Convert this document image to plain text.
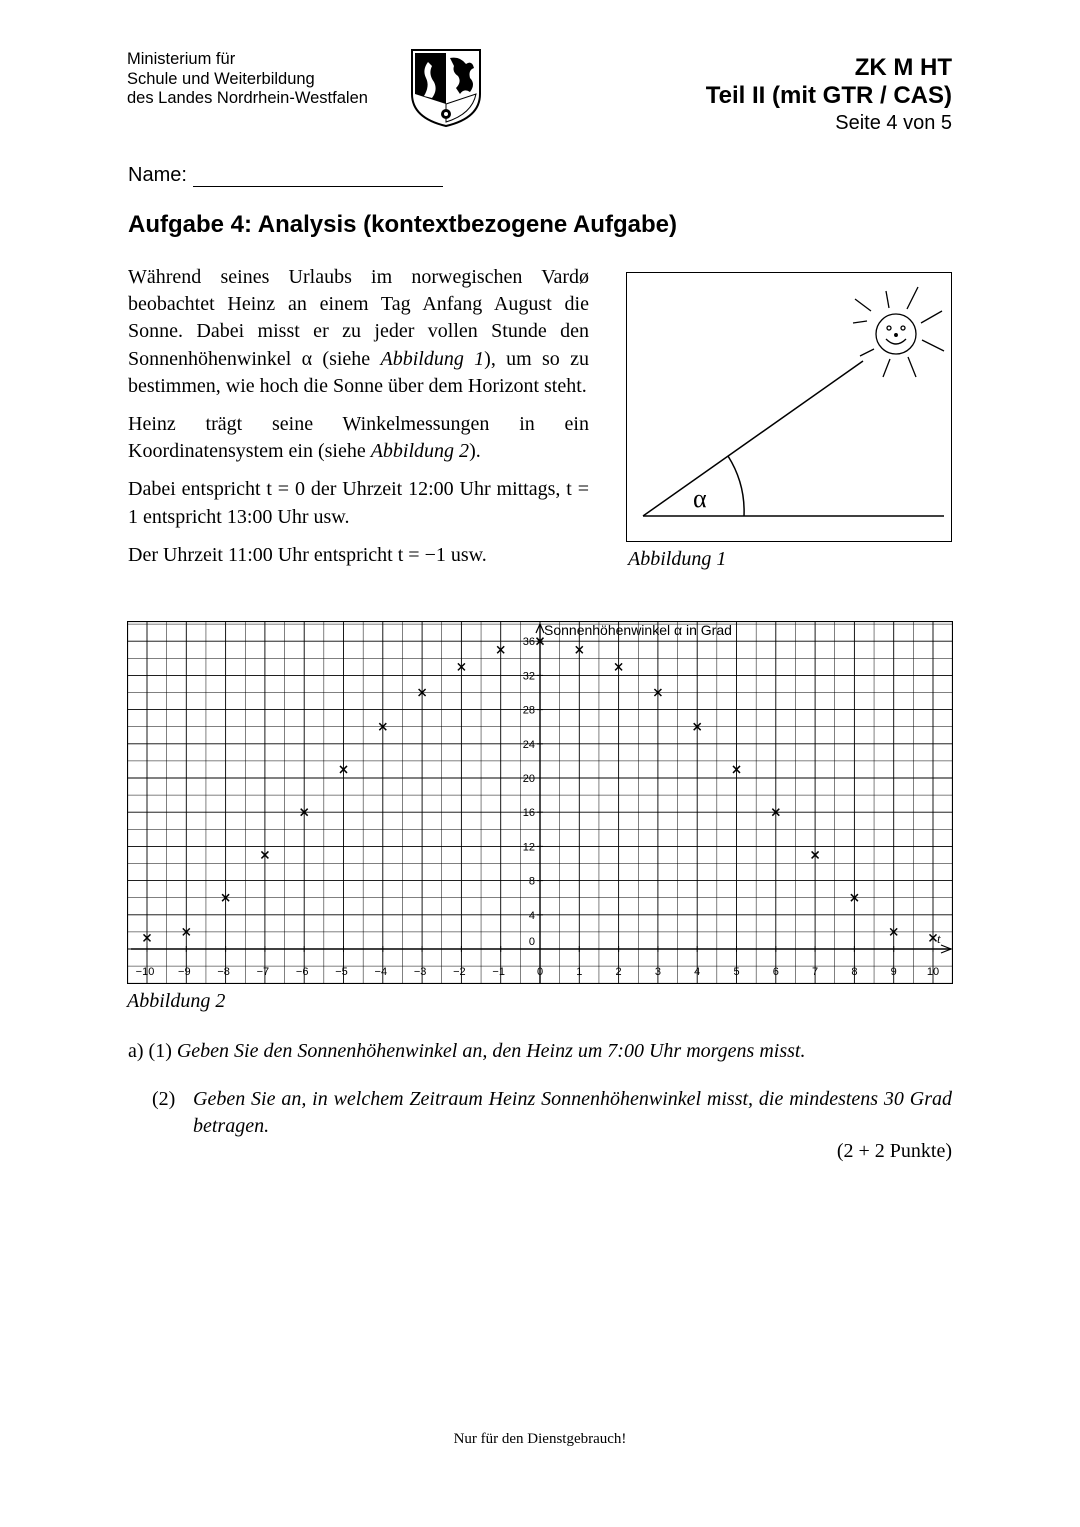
Ministerium für
Schule und Weiterbildung
des Landes Nordrhein-Westfalen
ZK M HT
Teil II (mit GTR / CAS)
Seite 4 von 5
Name:
Aufgabe 4: Analysis (kontextbezogene Aufgabe)

Während seines Urlaubs im norwegischen Vardø beobachtet Heinz an einem Tag Anfang August die Sonne. Dabei misst er zu jeder vollen Stunde den Sonnenhöhenwinkel α (siehe Abbildung 1), um so zu bestimmen, wie hoch die Sonne über dem Horizont steht.

Heinz trägt seine Winkelmessungen in ein Koordinatensystem ein (siehe Abbildung 2).

Dabei entspricht t = 0 der Uhrzeit 12:00 Uhr mittags, t = 1 entspricht 13:00 Uhr usw.

Der Uhrzeit 11:00 Uhr entspricht t = −1 usw.

α
Abbildung 1
−10 −9 −8 −7 −6 −5 −4 −3 −2 −1	0	1	2	3	4	5	6	7	8	9	10
0
4
8
12
16
20
24
28
32
36
Sonnenhöhenwinkel α in Grad
t
Abbildung 2
a) (1) Geben Sie den Sonnenhöhenwinkel an, den Heinz um 7:00 Uhr morgens misst.
(2) Geben Sie an, in welchem Zeitraum Heinz Sonnenhöhenwinkel misst, die mindestens 30 Grad betragen.
(2 + 2 Punkte)
Nur für den Dienstgebrauch!
